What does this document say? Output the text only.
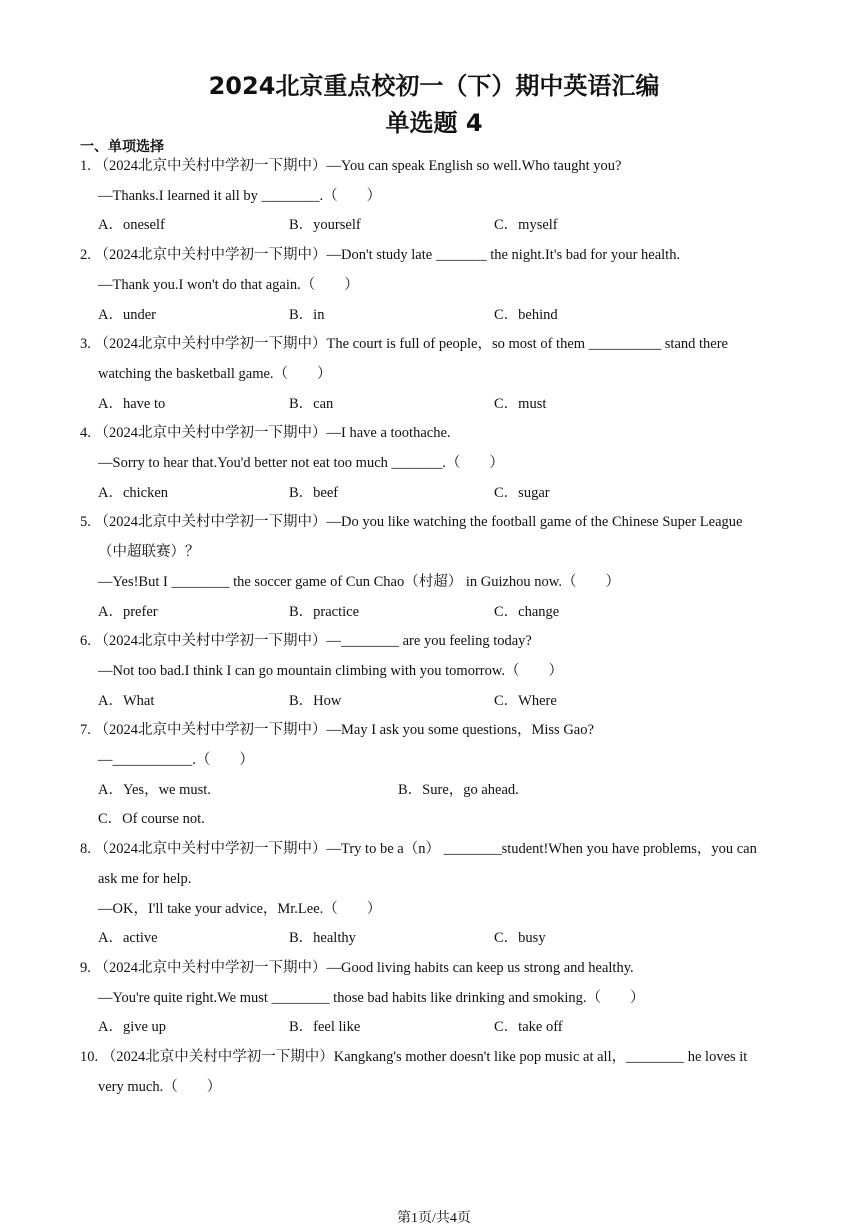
2024北京重点校初一（下）期中英语汇编
单选题 4
一、单项选择
1. （2024北京中关村中学初一下期中）—You can speak English so well.Who taught you?
—Thanks.I learned it all by ________.（　　）
A．oneself	B．yourself	C．myself
2. （2024北京中关村中学初一下期中）—Don't study late _______ the night.It's bad for your health.
—Thank you.I won't do that again.（　　）
A．under	B．in	C．behind
3. （2024北京中关村中学初一下期中）The court is full of people，so most of them __________ stand there
watching the basketball game.（　　）
A．have to	B．can	C．must
4. （2024北京中关村中学初一下期中）—I have a toothache.
—Sorry to hear that.You'd better not eat too much _______.（　　）
A．chicken	B．beef	C．sugar
5. （2024北京中关村中学初一下期中）—Do you like watching the football game of the Chinese Super League
（中超联赛）？
—Yes!But I ________ the soccer game of Cun Chao（村超） in Guizhou now.（　　）
A．prefer	B．practice	C．change
6. （2024北京中关村中学初一下期中）—________ are you feeling today?
—Not too bad.I think I can go mountain climbing with you tomorrow.（　　）
A．What	B．How	C．Where
7. （2024北京中关村中学初一下期中）—May I ask you some questions，Miss Gao?
—___________.（　　）
A．Yes，we must.	B．Sure，go ahead.
C．Of course not.
8. （2024北京中关村中学初一下期中）—Try to be a（n） ________student!When you have problems，you can
ask me for help.
—OK，I'll take your advice，Mr.Lee.（　　）
A．active	B．healthy	C．busy
9. （2024北京中关村中学初一下期中）—Good living habits can keep us strong and healthy.
—You're quite right.We must ________ those bad habits like drinking and smoking.（　　）
A．give up	B．feel like	C．take off
10. （2024北京中关村中学初一下期中）Kangkang's mother doesn't like pop music at all，________ he loves it
very much.（　　）
第1页/共4页
